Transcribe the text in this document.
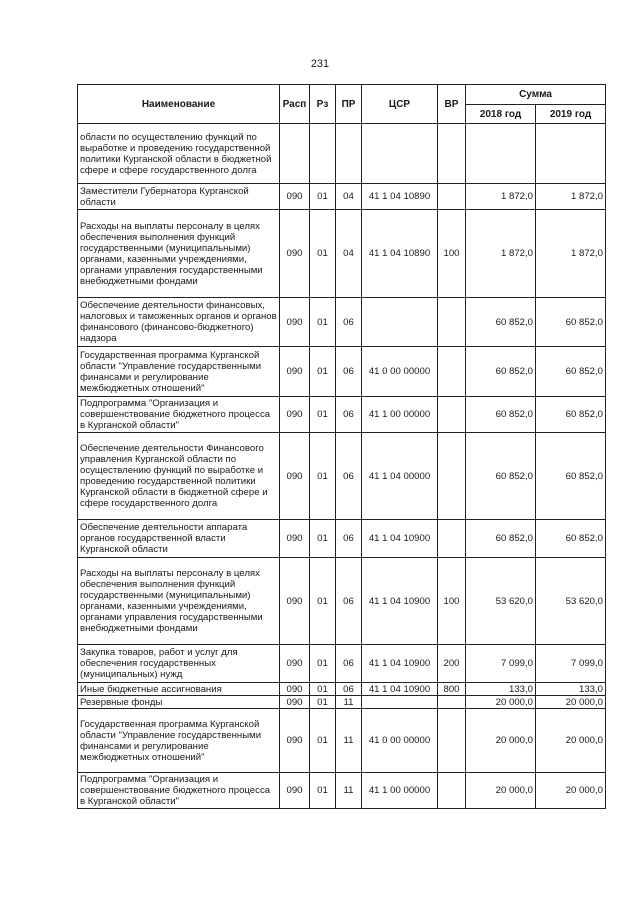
231
Наименование	Расп	Рз	ПР	ЦСР	ВР	Сумма	
						2018 год	2019 год
области по осуществлению функций по выработке и проведению государственной политики Курганской области в бюджетной сфере и сфере государственного долга							
Заместители Губернатора Курганской области	090	01	04	41 1 04 10890		1 872,0	1 872,0
Расходы на выплаты персоналу в целях обеспечения выполнения функций государственными (муниципальными) органами, казенными учреждениями, органами управления государственными внебюджетными фондами	090	01	04	41 1 04 10890	100	1 872,0	1 872,0
Обеспечение деятельности финансовых, налоговых и таможенных органов и органов финансового (финансово-бюджетного) надзора	090	01	06			60 852,0	60 852,0
Государственная программа Курганской области "Управление государственными финансами и регулирование межбюджетных отношений"	090	01	06	41 0 00 00000		60 852,0	60 852,0
Подпрограмма "Организация и совершенствование бюджетного процесса в Курганской области"	090	01	06	41 1 00 00000		60 852,0	60 852,0
Обеспечение деятельности Финансового управления Курганской области по осуществлению функций по выработке и проведению государственной политики Курганской области в бюджетной сфере и сфере государственного долга	090	01	06	41 1 04 00000		60 852,0	60 852,0
Обеспечение деятельности аппарата органов государственной власти Курганской области	090	01	06	41 1 04 10900		60 852,0	60 852,0
Расходы на выплаты персоналу в целях обеспечения выполнения функций государственными (муниципальными) органами, казенными учреждениями, органами управления государственными внебюджетными фондами	090	01	06	41 1 04 10900	100	53 620,0	53 620,0
Закупка товаров, работ и услуг для обеспечения государственных (муниципальных) нужд	090	01	06	41 1 04 10900	200	7 099,0	7 099,0
Иные бюджетные ассигнования	090	01	06	41 1 04 10900	800	133,0	133,0
Резервные фонды	090	01	11			20 000,0	20 000,0
Государственная программа Курганской области "Управление государственными финансами и регулирование межбюджетных отношений"	090	01	11	41 0 00 00000		20 000,0	20 000,0
Подпрограмма "Организация и совершенствование бюджетного процесса в Курганской области"	090	01	11	41 1 00 00000		20 000,0	20 000,0
